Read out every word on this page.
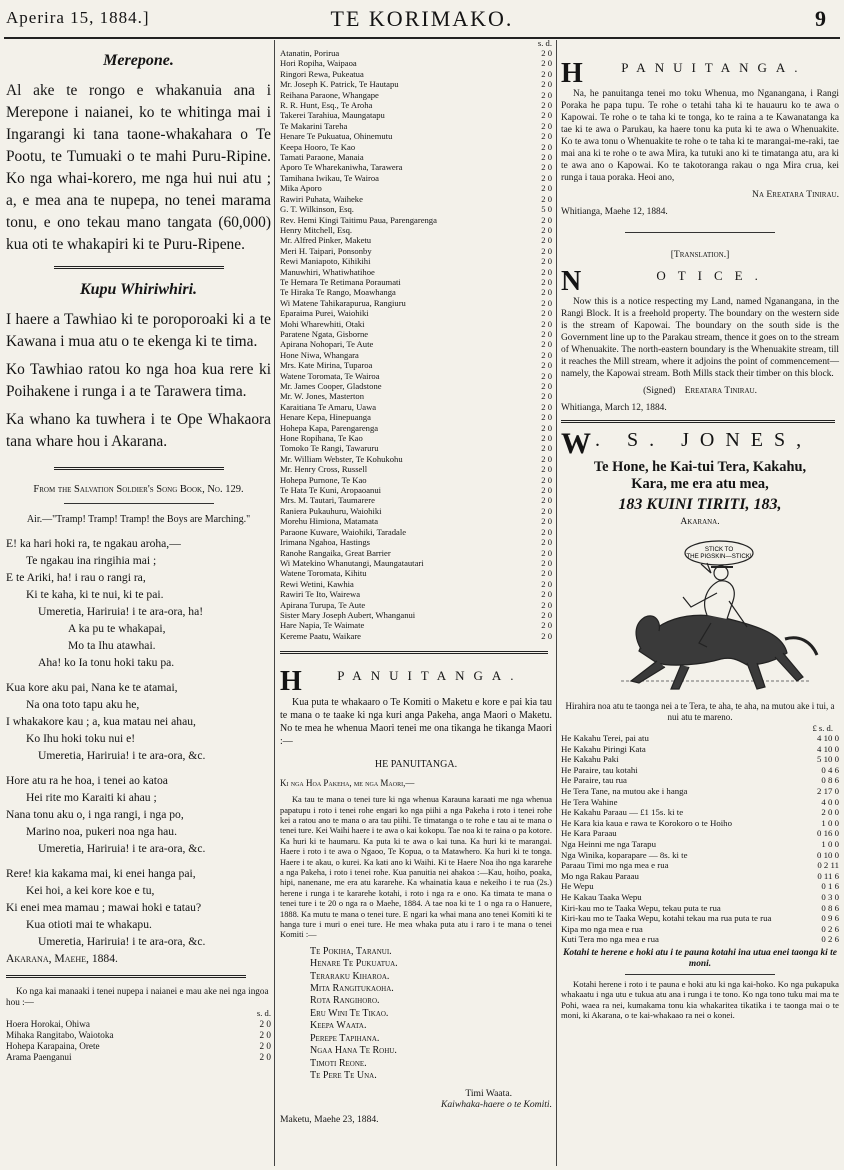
Aperira 15, 1884.]	TE KORIMAKO.	9
Merepone.

Al ake te rongo e whakanuia ana i Merepone i naianei, ko te whitinga mai i Ingarangi ki tana taone-whakahara o Te Pootu, te Tumuaki o te mahi Puru-Ripine. Ko nga whai-korero, me nga hui nui atu ; a, e mea ana te nupepa, no tenei marama tonu, e ono tekau mano tangata (60,000) kua oti te whakapiri ki te Puru-Ripene.

Kupu Whiriwhiri.

I haere a Tawhiao ki te poroporoaki ki a te Kawana i mua atu o te ekenga ki te tima.

Ko Tawhiao ratou ko nga hoa kua rere ki Poihakene i runga i a te Tarawera tima.

Ka whano ka tuwhera i te Ope Whakaora tana whare hou i Akarana.

From the Salvation Soldier's Song Book, No. 129.
Air.—"Tramp! Tramp! Tramp! the Boys are Marching."

E! ka hari hoki ra, te ngakau aroha,—
Te ngakau ina ringihia mai ;
E te Ariki, ha! i rau o rangi ra,
Ki te kaha, ki te nui, ki te pai.
Umeretia, Hariruia! i te ara-ora, ha!
A ka pu te whakapai,
Mo ta Ihu atawhai.
Aha! ko Ia tonu hoki taku pa.

Kua kore aku pai, Nana ke te atamai,
Na ona toto tapu aku he,
I whakakore kau ; a, kua matau nei ahau,
Ko Ihu hoki toku nui e!
Umeretia, Hariruia! i te ara-ora, &c.

Hore atu ra he hoa, i tenei ao katoa
Hei rite mo Karaiti ki ahau ;
Nana tonu aku o, i nga rangi, i nga po,
Marino noa, pukeri noa nga hau.
Umeretia, Hariruia! i te ara-ora, &c.

Rere! kia kakama mai, ki enei hanga pai,
Kei hoi, a kei kore koe e tu,
Ki enei mea mamau ; mawai hoki e tatau?
Kua otioti mai te whakapu.
Umeretia, Hariruia! i te ara-ora, &c.
Akarana, Maehe, 1884.

Ko nga kai manaaki i tenei nupepa i naianei e mau ake nei nga ingoa hou :—
s. d.
Hoera Horokai, Ohiwa	2 0
Mihaka Rangitabo, Waiotoka	2 0
Hohepa Karapaina, Orete	2 0
Arama Paenganui	2 0
s. d.
Atanatin, Porirua	2 0
Hori Ropiha, Waipaoa	2 0
Ringori Rewa, Pukeatua	2 0
Mr. Joseph K. Patrick, Te Hautapu	2 0
Reihana Paraone, Whangape	2 0
R. R. Hunt, Esq., Te Aroha	2 0
Takerei Tarahiua, Maungatapu	2 0
Te Makarini Tareha	2 0
Henare Te Pukuatua, Ohinemutu	2 0
Keepa Hooro, Te Kao	2 0
Tamati Paraone, Manaia	2 0
Aporo Te Wharekaniwha, Tarawera	2 0
Tamihana Iwikau, Te Wairoa	2 0
Mika Aporo	2 0
Rawiri Puhata, Waiheke	2 0
G. T. Wilkinson, Esq.	5 0
Rev. Hemi Kingi Taitimu Paua, Parengarenga	2 0
Henry Mitchell, Esq.	2 0
Mr. Alfred Pinker, Maketu	2 0
Meri H. Taipari, Ponsonby	2 0
Rewi Maniapoto, Kihikihi	2 0
Manuwhiri, Whatiwhatihoe	2 0
Te Hemara Te Retimana Poraumati	2 0
Te Hiraka Te Rango, Moawhanga	2 0
Wi Matene Tahikarapurua, Rangiuru	2 0
Eparaima Purei, Waiohiki	2 0
Mohi Wharewhiti, Otaki	2 0
Paratene Ngata, Gisborne	2 0
Apirana Nohopari, Te Aute	2 0
Hone Niwa, Whangara	2 0
Mrs. Kate Mirina, Tuparoa	2 0
Watene Toromata, Te Wairoa	2 0
Mr. James Cooper, Gladstone	2 0
Mr. W. Jones, Masterton	2 0
Karaitiana Te Amaru, Uawa	2 0
Henare Kepa, Hinepuanga	2 0
Hohepa Kapa, Parengarenga	2 0
Hone Ropihana, Te Kao	2 0
Tomoko Te Rangi, Tawaruru	2 0
Mr. William Webster, Te Kohukohu	2 0
Mr. Henry Cross, Russell	2 0
Hohepa Purnone, Te Kao	2 0
Te Hata Te Kuni, Aropaoanui	2 0
Mrs. M. Tautari, Taumarere	2 0
Raniera Pukauhuru, Waiohiki	2 0
Morehu Himiona, Matamata	2 0
Paraone Kuware, Waiohiki, Taradale	2 0
Irimana Ngahoa, Hastings	2 0
Ranohe Rangaika, Great Barrier	2 0
Wi Matekino Whanutangi, Maungatautari	2 0
Watene Toromata, Kihitu	2 0
Rewi Wetini, Kawhia	2 0
Rawiri Te Ito, Wairewa	2 0
Apirana Turupa, Te Aute	2 0
Sister Mary Joseph Aubert, Whanganui	2 0
Hare Napia, Te Waimate	2 0
Kereme Paatu, Waikare	2 0
H	PANUITANGA.

Kua puta te whakaaro o Te Komiti o Maketu e kore e pai kia tau te mana o te taake ki nga kuri anga Pakeha, anga Maori o Maketu. No te mea he whenua Maori tenei me ona tikanga he tikanga Maori :—

HE PANUITANGA.

Ki nga Hoa Pakeha, me nga Maori,—

Ka tau te mana o tenei ture ki nga whenua Karauna karaati me nga whenua papatupu i roto i tenei rohe engari ko nga piihi a nga Pakeha i roto i tenei rohe kei a ratou ano te mana o ara tau piihi. Te timatanga o te rohe e tau ai te mana o tenei ture. Kei Waihi haere i te awa o kai kokopu. Tae noa ki te raina o pa kotore. Ka huri ki te haumaru. Ka puta ki te awa o kai tuna. Ka huri ki te marangai. Haere i roto i te awa o Ngaoo, Te Kopua, o ta Matawhero. Ka huri ki te tonga. Haere i te akau, o kurei. Ka kati ano ki Waihi. Ki te Haere Noa iho nga kararehe a nga Pakeha, i roto i tenei rohe. Kua panuitia nei ahakoa :—Kau, hoiho, poaka, hipi, nanenane, me era atu kararehe. Ka whainatia kaua e nekeiho i te rua (2s.) herene i runga i te kararehe kotahi, i roto i nga ra e ono. Ka timata te mana o tenei ture i te 20 o nga ra o Maehe, 1884. A tae noa ki te 1 o nga ra o Hanuere, 1888. Ka mutu te mana o tenei ture. E ngari ka whai mana ano tenei Komiti ki te hanga ture i muri o enei ture. He mea whaka puta atu i raro i te mana o tenei Komiti :—

Te Pokiha, Taranui.
Henare Te Pukuatua.
Teraraku Kiharoa.
Mita Rangitukaoha.
Rota Rangihoro.
Eru Wini Te Tikao.
Keepa Waata.
Perepe Tapihana.
Ngaa Hana Te Rohu.
Timoti Reone.
Te Pere Te Una.
Timi Waata.
Kaiwhaka-haere o te Komiti.
Maketu, Maehe 23, 1884.
H	PANUITANGA.

Na, he panuitanga tenei mo toku Whenua, mo Nganangana, i Rangi Poraka he papa tupu. Te rohe o tetahi taha ki te hauauru ko te awa o Kapowai. Te rohe o te taha ki te tonga, ko te raina a te Kawanatanga ka tae ki te awa o Parukau, ka haere tonu ka puta ki te awa o Whenuakite. Ko te awa tonu o Whenuakite te rohe o te taha ki te marangai-me-raki, tae mai ana ki te rohe o te awa Mira, ka tutuki ano ki te timatanga atu, ara ki te awa ano o Kapowai. Ko te takotoranga rakau o nga Mira crua, kei runga i taua poraka. Heoi ano,

Na Ereatara Tinirau.

Whitianga, Maehe 12, 1884.

[Translation.]
N	OTICE.

Now this is a notice respecting my Land, named Nganangana, in the Rangi Block. It is a freehold property. The boundary on the western side is the stream of Kapowai. The boundary on the south side is the Government line up to the Parakau stream, thence it goes on to the stream of Whenuakite. The north-eastern boundary is the Whenuakite stream, till it reaches the Mill stream, where it adjoins the point of commencement—namely, the Kapowai stream. Both Mills stack their timber on this block.

(Signed) Ereatara Tinirau.

Whitianga, March 12, 1884.

W . S. JONES,
Te Hone, he Kai-tui Tera, Kakahu,
Kara, me era atu mea,
183 KUINI TIRITI, 183,
Akarana.
STICK TO THE PIGSKIN—STICK!
Hirahira noa atu te taonga nei a te Tera, te aha, te aha, na mutou ake i tui, a nui atu te mareno.
£ s. d.
He Kakahu Terei, pai atu	4 10 0
He Kakahu Piringi Kata	4 10 0
He Kakahu Paki	5 10 0
He Paraire, tau kotahi	0 4 6
He Paraire, tau rua	0 8 6
He Tera Tane, na mutou ake i hanga	2 17 0
He Tera Wahine	4 0 0
He Kakahu Paraau — £1 15s. ki te	2 0 0
He Kara kia kaua e rawa te Korokoro o te Hoiho	1 0 0
He Kara Paraau	0 16 0
Nga Heinni me nga Tarapu	1 0 0
Nga Winika, koparapare — 8s. ki te	0 10 0
Paraau Timi mo nga mea e rua	0 2 11
Mo nga Rakau Paraau	0 11 6
He Wepu	0 1 6
He Kakau Taaka Wepu	0 3 0
Kiri-kau mo te Taaka Wepu, tekau puta te rua	0 8 6
Kiri-kau mo te Taaka Wepu, kotahi tekau ma rua puta te rua	0 9 6
Kipa mo nga mea e rua	0 2 6
Kuti Tera mo nga mea e rua	0 2 6
Kotahi te herene e hoki atu i te pauna kotahi ina utua enei taonga ki te moni.
Kotahi herene i roto i te pauna e hoki atu ki nga kai-hoko. Ko nga pukapuka whakaatu i nga utu e tukua atu ana i runga i te tono. Ko nga tono tuku mai ma te Pohi, waea ra nei, kumakama tonu kia whakaritea tikatika i te taonga mai o te moni, ki Akarana, o te kai-whakaao ra nei o konei.
